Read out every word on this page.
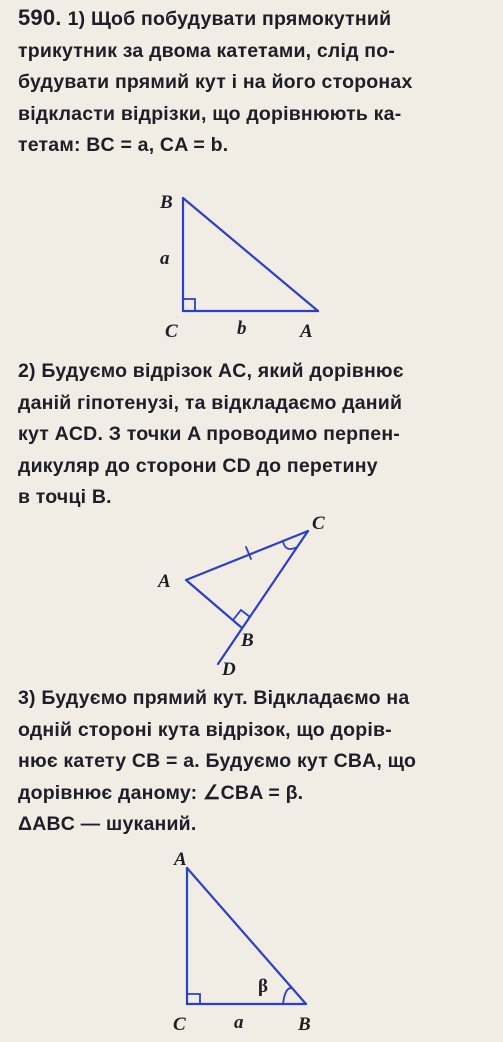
590. 1) Щоб побудувати прямокутний
трикутник за двома катетами, слід по-
будувати прямий кут і на його сторонах
відкласти відрізки, що дорівнюють ка-
тетам: BC = a, CA = b.
2) Будуємо відрізок AC, який дорівнює
даній гіпотенузі, та відкладаємо даний
кут ACD. З точки A проводимо перпен-
дикуляр до сторони CD до перетину
в точці B.
3) Будуємо прямий кут. Відкладаємо на
одній стороні кута відрізок, що дорів-
нює катету CB = a. Будуємо кут CBA, що
дорівнює даному: ∠CBA = β.
ΔABC — шуканий.
B
a
C	b	A
C
A
B
D
A
C	a	B
β
